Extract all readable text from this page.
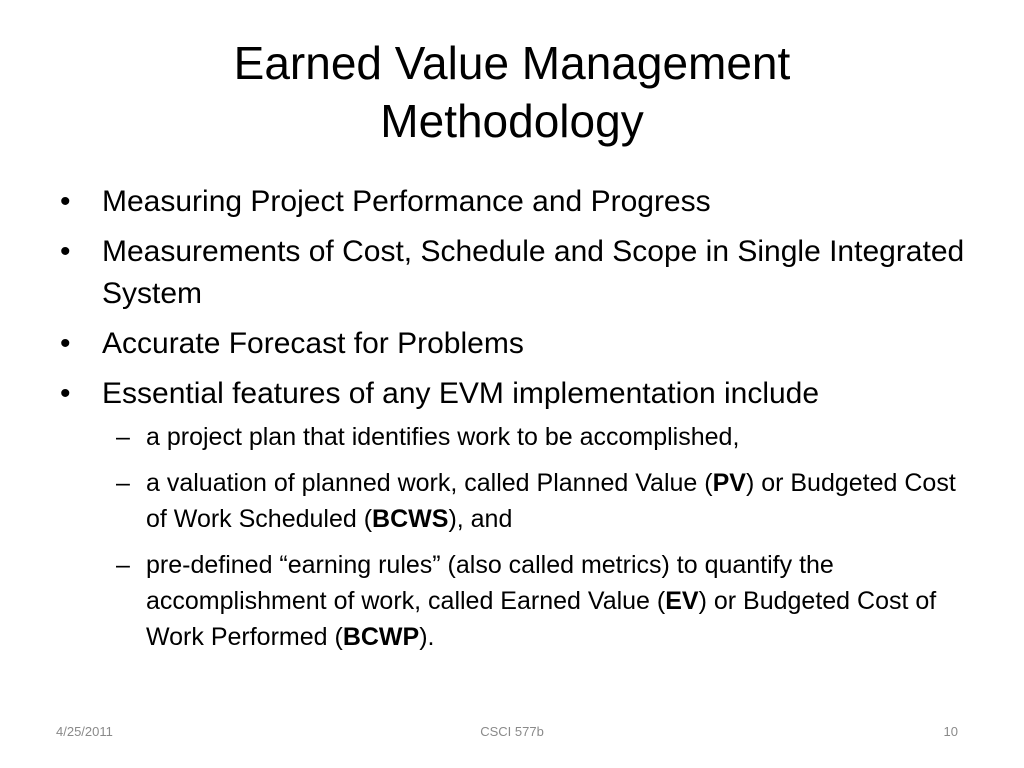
Earned Value Management
Methodology
• Measuring Project Performance and Progress
• Measurements of Cost, Schedule and Scope in Single Integrated System
• Accurate Forecast for Problems
• Essential features of any EVM implementation include
– a project plan that identifies work to be accomplished,
– a valuation of planned work, called Planned Value (PV) or Budgeted Cost of Work Scheduled (BCWS), and
– pre-defined “earning rules” (also called metrics) to quantify the accomplishment of work, called Earned Value (EV) or Budgeted Cost of Work Performed (BCWP).
4/25/2011	CSCI 577b	10
